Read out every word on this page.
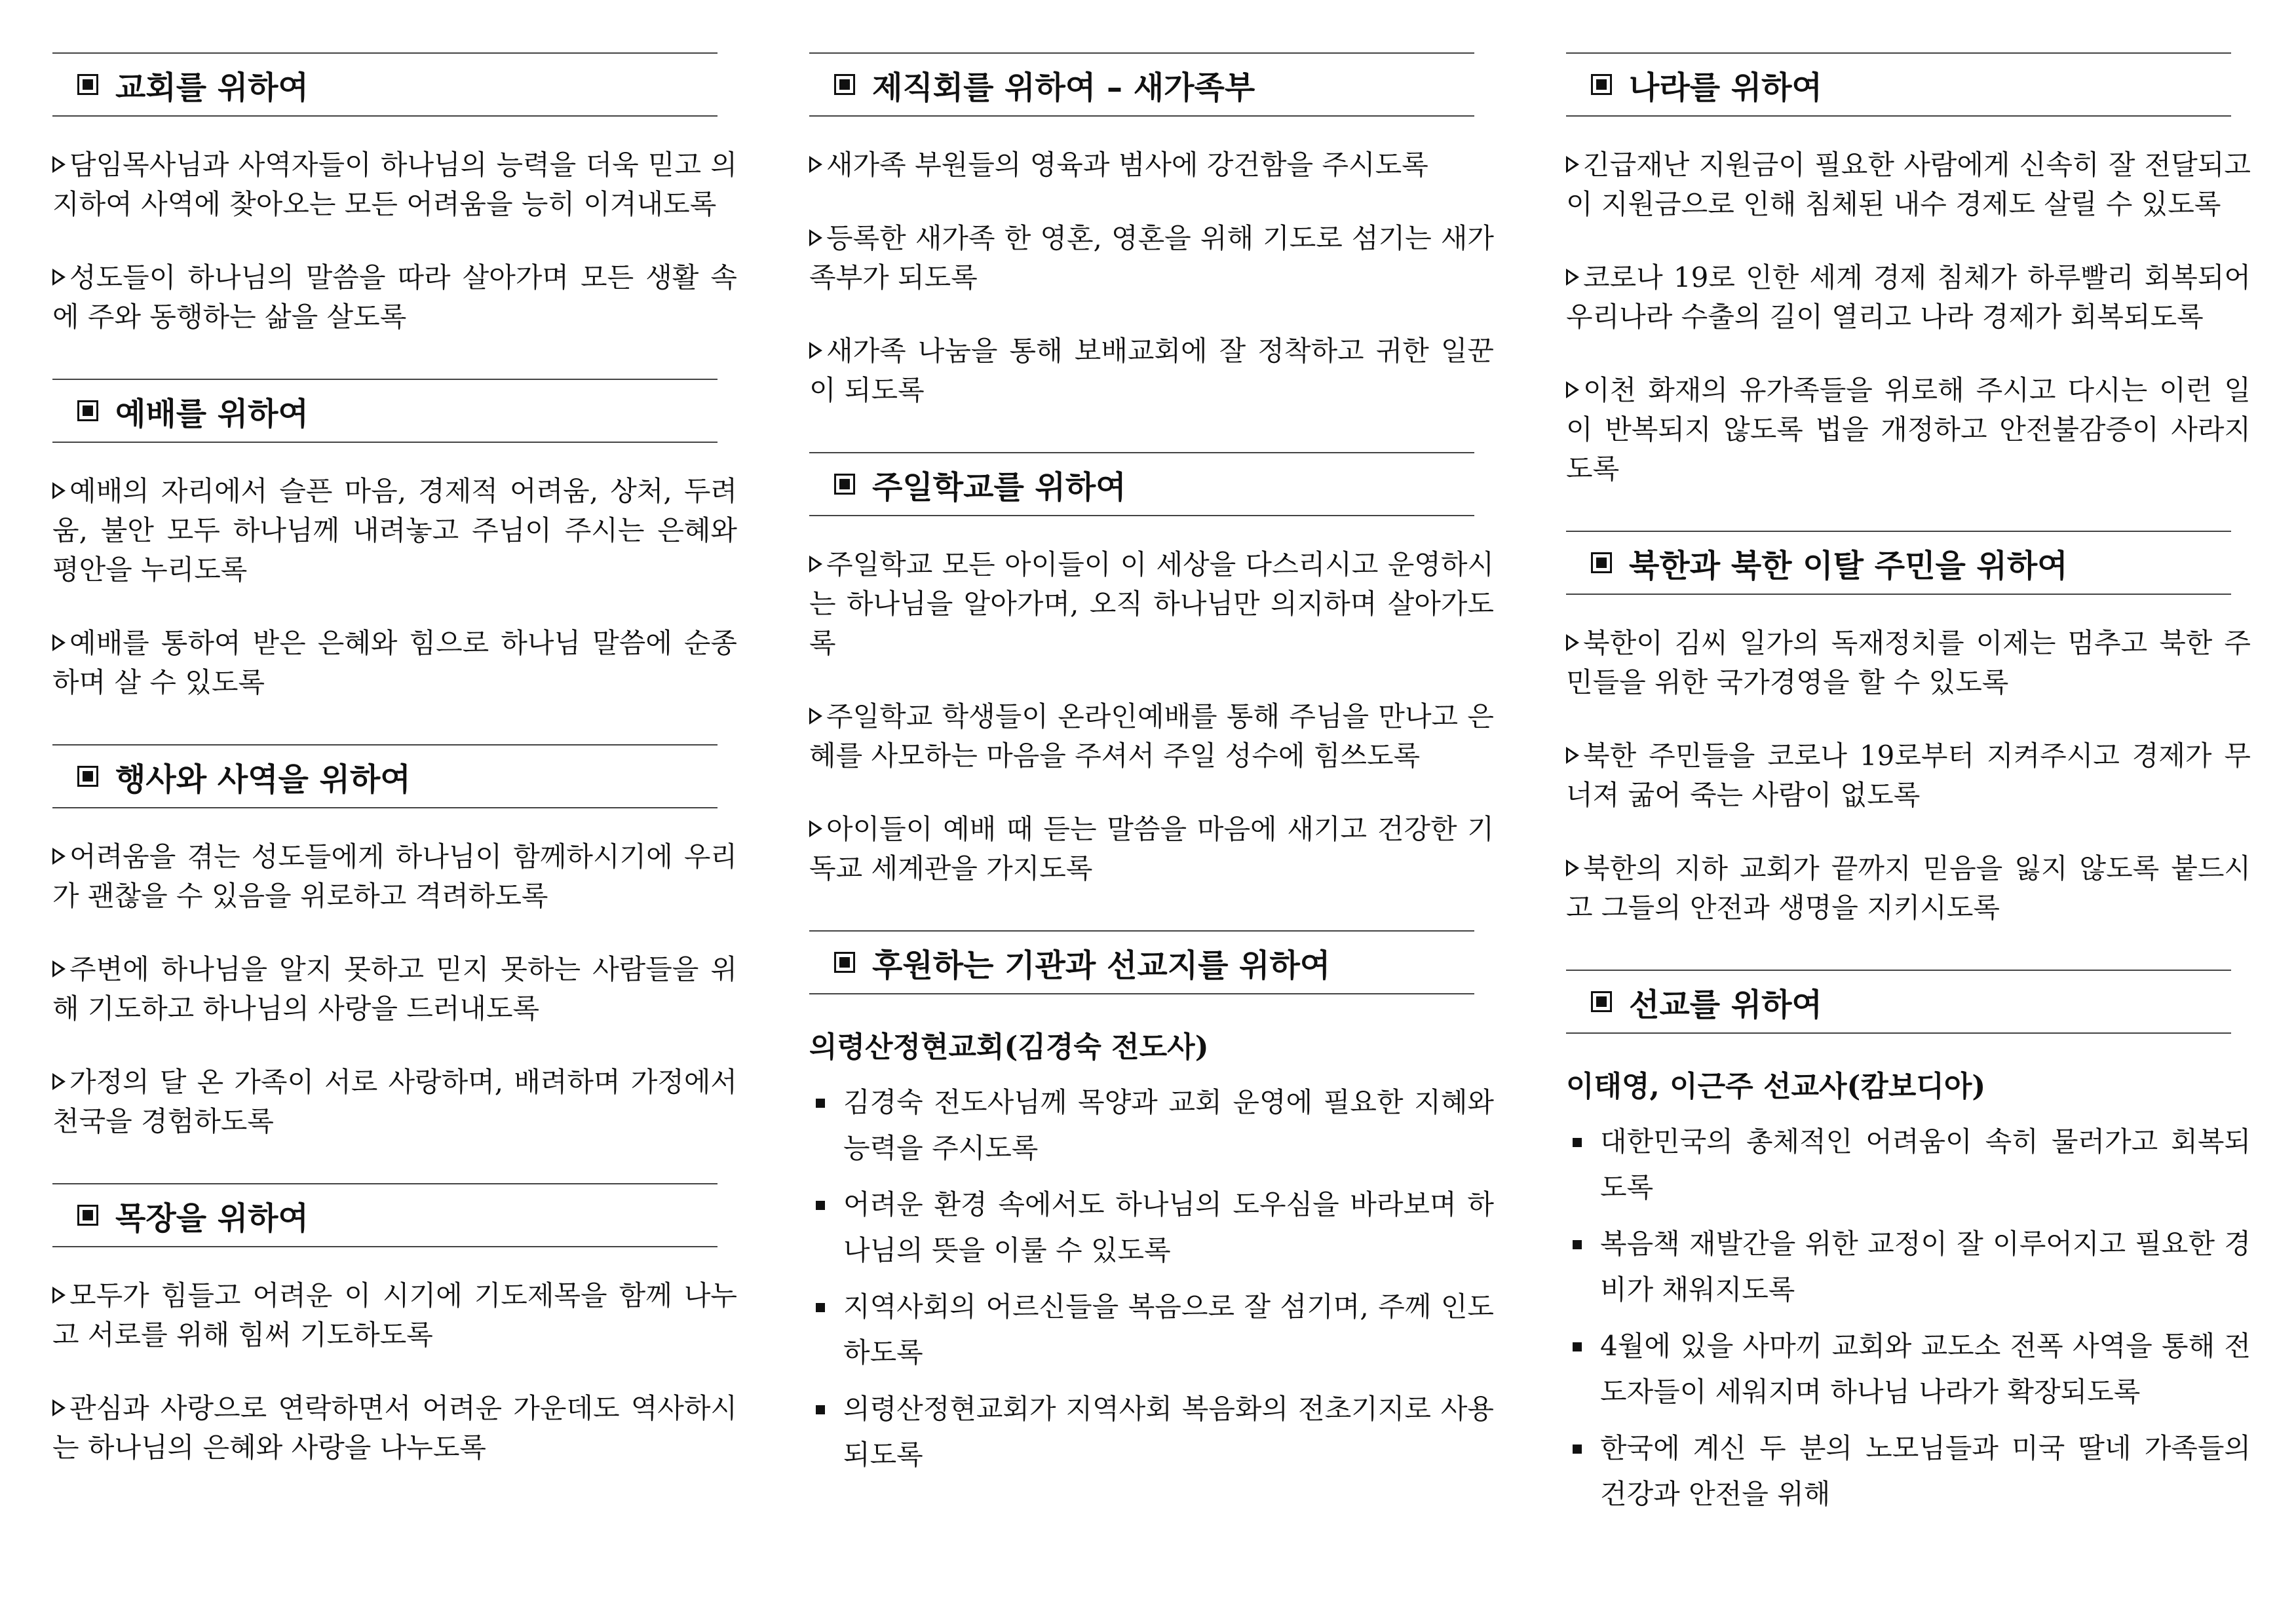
교회를 위하여

담임목사님과 사역자들이 하나님의 능력을 더욱 믿고 의지하여 사역에 찾아오는 모든 어려움을 능히 이겨내도록

성도들이 하나님의 말씀을 따라 살아가며 모든 생활 속에 주와 동행하는 삶을 살도록

예배를 위하여

예배의 자리에서 슬픈 마음, 경제적 어려움, 상처, 두려움, 불안 모두 하나님께 내려놓고 주님이 주시는 은혜와 평안을 누리도록

예배를 통하여 받은 은혜와 힘으로 하나님 말씀에 순종하며 살 수 있도록

행사와 사역을 위하여

어려움을 겪는 성도들에게 하나님이 함께하시기에 우리가 괜찮을 수 있음을 위로하고 격려하도록

주변에 하나님을 알지 못하고 믿지 못하는 사람들을 위해 기도하고 하나님의 사랑을 드러내도록

가정의 달 온 가족이 서로 사랑하며, 배려하며 가정에서 천국을 경험하도록

목장을 위하여

모두가 힘들고 어려운 이 시기에 기도제목을 함께 나누고 서로를 위해 힘써 기도하도록

관심과 사랑으로 연락하면서 어려운 가운데도 역사하시는 하나님의 은혜와 사랑을 나누도록

제직회를 위하여 – 새가족부

새가족 부원들의 영육과 범사에 강건함을 주시도록

등록한 새가족 한 영혼, 영혼을 위해 기도로 섬기는 새가족부가 되도록

새가족 나눔을 통해 보배교회에 잘 정착하고 귀한 일꾼이 되도록

주일학교를 위하여

주일학교 모든 아이들이 이 세상을 다스리시고 운영하시는 하나님을 알아가며, 오직 하나님만 의지하며 살아가도록

주일학교 학생들이 온라인예배를 통해 주님을 만나고 은혜를 사모하는 마음을 주셔서 주일 성수에 힘쓰도록

아이들이 예배 때 듣는 말씀을 마음에 새기고 건강한 기독교 세계관을 가지도록

후원하는 기관과 선교지를 위하여
의령산정현교회(김경숙 전도사)
김경숙 전도사님께 목양과 교회 운영에 필요한 지혜와 능력을 주시도록
어려운 환경 속에서도 하나님의 도우심을 바라보며 하나님의 뜻을 이룰 수 있도록
지역사회의 어르신들을 복음으로 잘 섬기며, 주께 인도하도록
의령산정현교회가 지역사회 복음화의 전초기지로 사용되도록
나라를 위하여

긴급재난 지원금이 필요한 사람에게 신속히 잘 전달되고 이 지원금으로 인해 침체된 내수 경제도 살릴 수 있도록

코로나 19로 인한 세계 경제 침체가 하루빨리 회복되어 우리나라 수출의 길이 열리고 나라 경제가 회복되도록

이천 화재의 유가족들을 위로해 주시고 다시는 이런 일이 반복되지 않도록 법을 개정하고 안전불감증이 사라지도록

북한과 북한 이탈 주민을 위하여

북한이 김씨 일가의 독재정치를 이제는 멈추고 북한 주민들을 위한 국가경영을 할 수 있도록

북한 주민들을 코로나 19로부터 지켜주시고 경제가 무너져 굶어 죽는 사람이 없도록

북한의 지하 교회가 끝까지 믿음을 잃지 않도록 붙드시고 그들의 안전과 생명을 지키시도록

선교를 위하여
이태영, 이근주 선교사(캄보디아)
대한민국의 총체적인 어려움이 속히 물러가고 회복되도록
복음책 재발간을 위한 교정이 잘 이루어지고 필요한 경비가 채워지도록
4월에 있을 사마끼 교회와 교도소 전폭 사역을 통해 전도자들이 세워지며 하나님 나라가 확장되도록
한국에 계신 두 분의 노모님들과 미국 딸네 가족들의 건강과 안전을 위해
